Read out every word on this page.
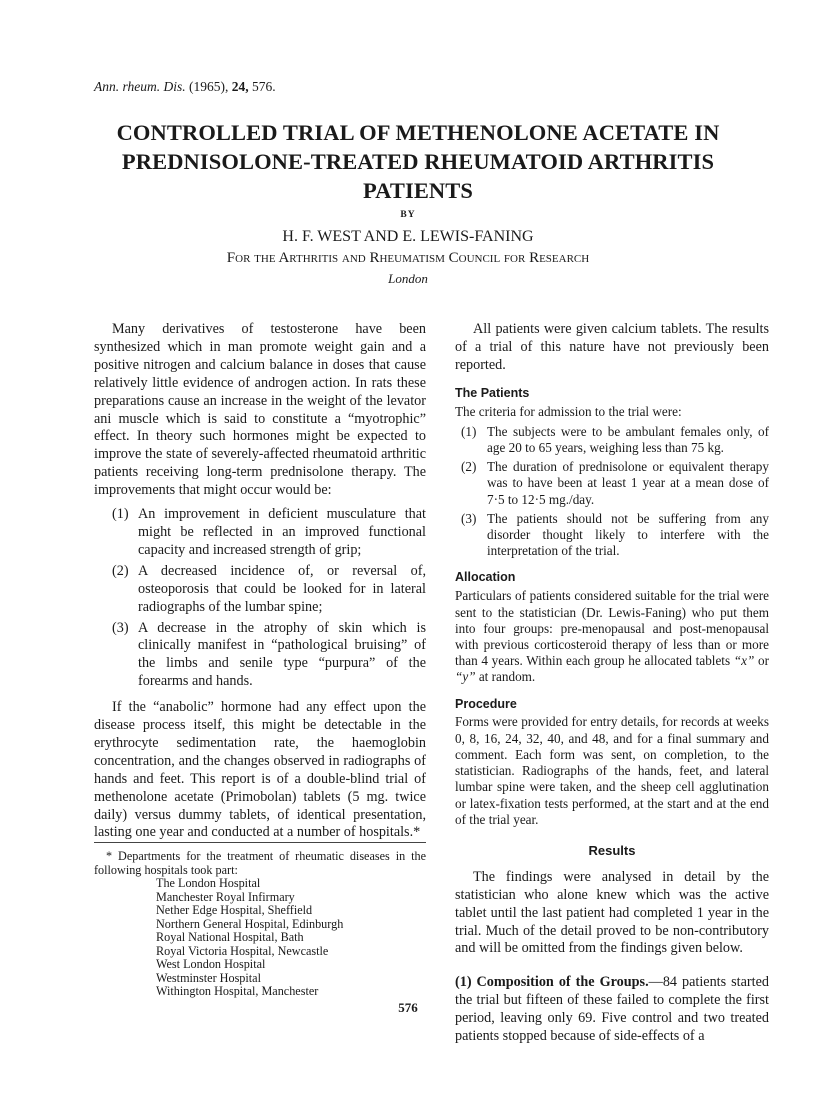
Ann. rheum. Dis. (1965), 24, 576.
CONTROLLED TRIAL OF METHENOLONE ACETATE IN
PREDNISOLONE-TREATED RHEUMATOID ARTHRITIS
PATIENTS
BY
H. F. WEST AND E. LEWIS-FANING
For the Arthritis and Rheumatism Council for Research
London

Many derivatives of testosterone have been synthesized which in man promote weight gain and a positive nitrogen and calcium balance in doses that cause relatively little evidence of androgen action. In rats these preparations cause an increase in the weight of the levator ani muscle which is said to constitute a “myotrophic” effect. In theory such hormones might be expected to improve the state of severely-affected rheumatoid arthritic patients receiving long-term prednisolone therapy. The improvements that might occur would be:

(1) An improvement in deficient musculature that might be reflected in an improved functional capacity and increased strength of grip;
(2) A decreased incidence of, or reversal of, osteoporosis that could be looked for in lateral radiographs of the lumbar spine;
(3) A decrease in the atrophy of skin which is clinically manifest in “pathological bruising” of the limbs and senile type “purpura” of the forearms and hands.

If the “anabolic” hormone had any effect upon the disease process itself, this might be detectable in the erythrocyte sedimentation rate, the haemoglobin concentration, and the changes observed in radiographs of hands and feet. This report is of a double-blind trial of methenolone acetate (Primobolan) tablets (5 mg. twice daily) versus dummy tablets, of identical presentation, lasting one year and conducted at a number of hospitals.*

* Departments for the treatment of rheumatic diseases in the following hospitals took part:

The London Hospital
Manchester Royal Infirmary
Nether Edge Hospital, Sheffield
Northern General Hospital, Edinburgh
Royal National Hospital, Bath
Royal Victoria Hospital, Newcastle
West London Hospital
Westminster Hospital
Withington Hospital, Manchester

All patients were given calcium tablets. The results of a trial of this nature have not previously been reported.

The Patients

The criteria for admission to the trial were:

(1) The subjects were to be ambulant females only, of age 20 to 65 years, weighing less than 75 kg.
(2) The duration of prednisolone or equivalent therapy was to have been at least 1 year at a mean dose of 7·5 to 12·5 mg./day.
(3) The patients should not be suffering from any disorder thought likely to interfere with the interpretation of the trial.
Allocation

Particulars of patients considered suitable for the trial were sent to the statistician (Dr. Lewis-Faning) who put them into four groups: pre-menopausal and post-menopausal with previous corticosteroid therapy of less than or more than 4 years. Within each group he allocated tablets “x” or “y” at random.

Procedure

Forms were provided for entry details, for records at weeks 0, 8, 16, 24, 32, 40, and 48, and for a final summary and comment. Each form was sent, on completion, to the statistician. Radiographs of the hands, feet, and lateral lumbar spine were taken, and the sheep cell agglutination or latex-fixation tests performed, at the start and at the end of the trial year.

Results

The findings were analysed in detail by the statistician who alone knew which was the active tablet until the last patient had completed 1 year in the trial. Much of the detail proved to be non-contributory and will be omitted from the findings given below.

(1) Composition of the Groups.—84 patients started the trial but fifteen of these failed to complete the first period, leaving only 69. Five control and two treated patients stopped because of side-effects of a

576
